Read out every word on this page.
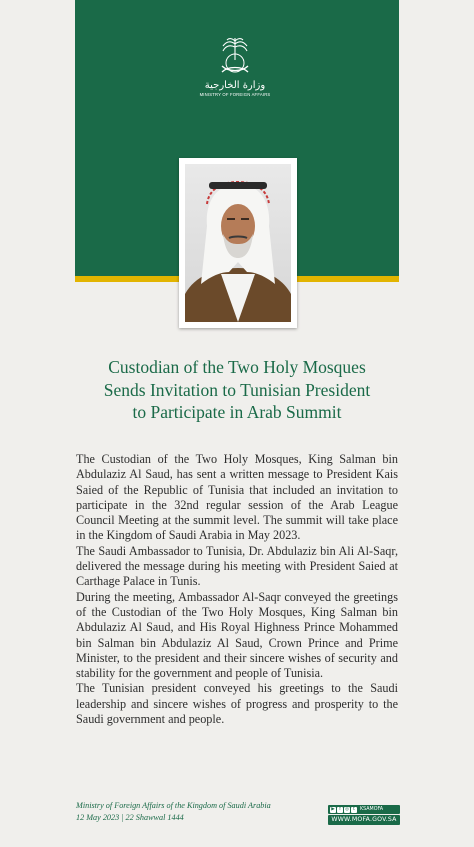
وزارة الخارجية
MINISTRY OF FOREIGN AFFAIRS
Custodian of the Two Holy Mosques
Sends Invitation to Tunisian President
to Participate in Arab Summit

The Custodian of the Two Holy Mosques, King Salman bin Abdulaziz Al Saud, has sent a written message to President Kais Saied of the Republic of Tunisia that included an invitation to participate in the 32nd regular session of the Arab League Council Meeting at the summit level. The summit will take place in the Kingdom of Saudi Arabia in May 2023.

The Saudi Ambassador to Tunisia, Dr. Abdulaziz bin Ali Al-Saqr, delivered the message during his meeting with President Saied at Carthage Palace in Tunis.

During the meeting, Ambassador Al-Saqr conveyed the greetings of the Custodian of the Two Holy Mosques, King Salman bin Abdulaziz Al Saud, and His Royal Highness Prince Mohammed bin Salman bin Abdulaziz Al Saud, Crown Prince and Prime Minister, to the president and their sincere wishes of security and stability for the government and people of Tunisia.

The Tunisian president conveyed his greetings to the Saudi leadership and sincere wishes of progress and prosperity to the Saudi government and people.

Ministry of Foreign Affairs of the Kingdom of Saudi Arabia
12 May 2023 | 22 Shawwal 1444
▶ f ◎ t	KSAMOFA
WWW.MOFA.GOV.SA
